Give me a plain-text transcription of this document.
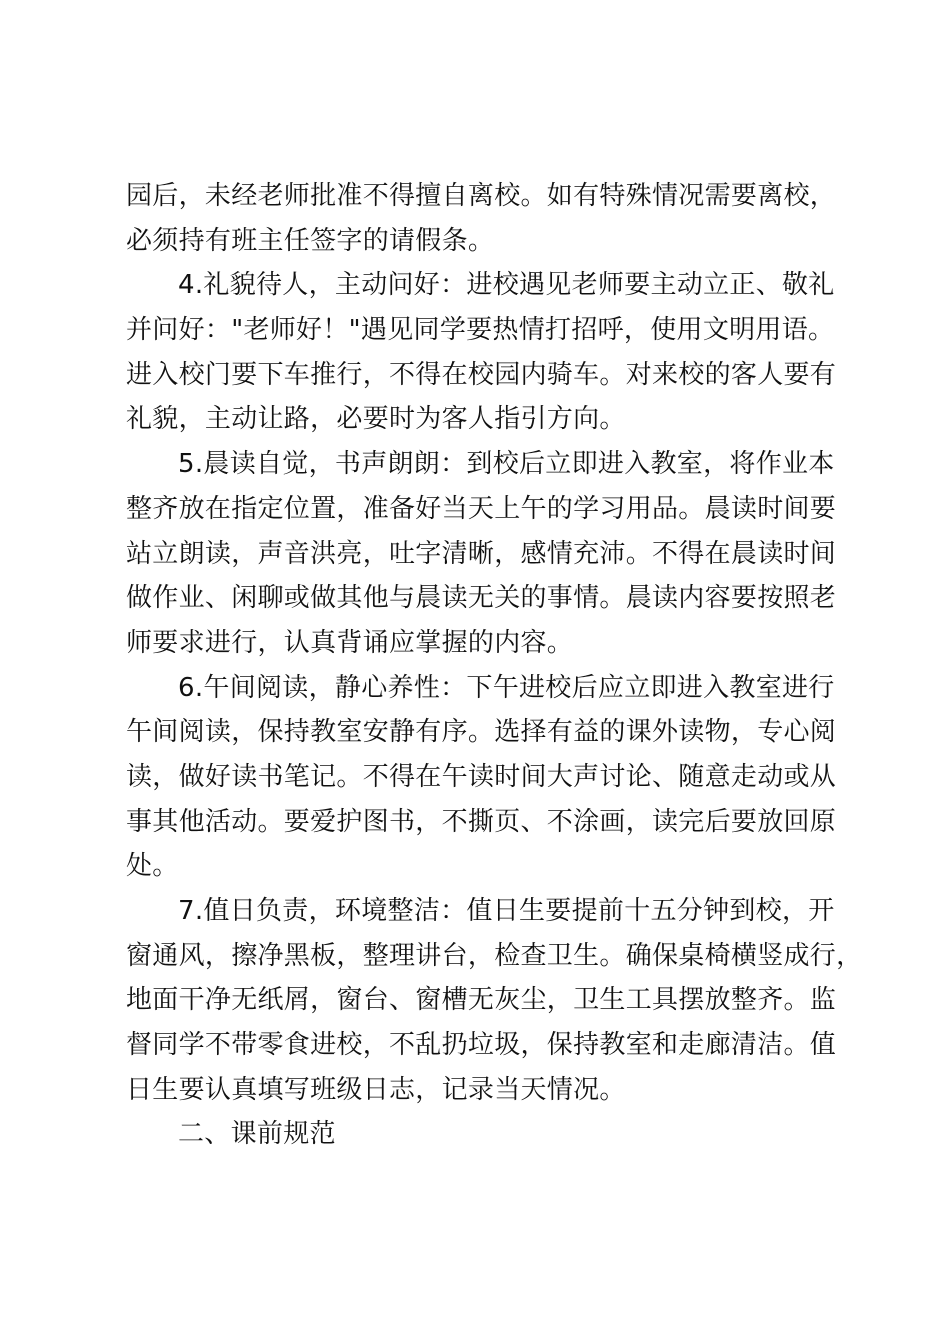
园后，未经老师批准不得擅自离校。如有特殊情况需要离校，
必须持有班主任签字的请假条。
4.礼貌待人，主动问好：进校遇见老师要主动立正、敬礼
并问好："老师好！"遇见同学要热情打招呼，使用文明用语。
进入校门要下车推行，不得在校园内骑车。对来校的客人要有
礼貌，主动让路，必要时为客人指引方向。
5.晨读自觉，书声朗朗：到校后立即进入教室，将作业本
整齐放在指定位置，准备好当天上午的学习用品。晨读时间要
站立朗读，声音洪亮，吐字清晰，感情充沛。不得在晨读时间
做作业、闲聊或做其他与晨读无关的事情。晨读内容要按照老
师要求进行，认真背诵应掌握的内容。
6.午间阅读，静心养性：下午进校后应立即进入教室进行
午间阅读，保持教室安静有序。选择有益的课外读物，专心阅
读，做好读书笔记。不得在午读时间大声讨论、随意走动或从
事其他活动。要爱护图书，不撕页、不涂画，读完后要放回原
处。
7.值日负责，环境整洁：值日生要提前十五分钟到校，开
窗通风，擦净黑板，整理讲台，检查卫生。确保桌椅横竖成行，
地面干净无纸屑，窗台、窗槽无灰尘，卫生工具摆放整齐。监
督同学不带零食进校，不乱扔垃圾，保持教室和走廊清洁。值
日生要认真填写班级日志，记录当天情况。
二、课前规范
